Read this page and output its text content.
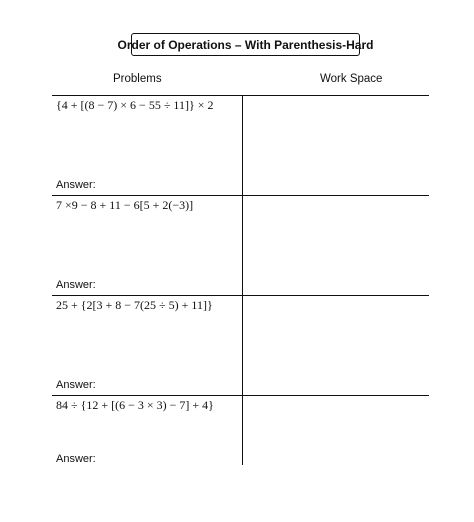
Order of Operations – With Parenthesis-Hard
Problems	Work Space
{4 + [(8 − 7) × 6 − 55 ÷ 11]} × 2
Answer:
7 ×9 − 8 + 11 − 6[5 + 2(−3)]
Answer:
25 + {2[3 + 8 − 7(25 ÷ 5) + 11]}
Answer:
84 ÷ {12 + [(6 − 3 × 3) − 7] + 4}
Answer:
